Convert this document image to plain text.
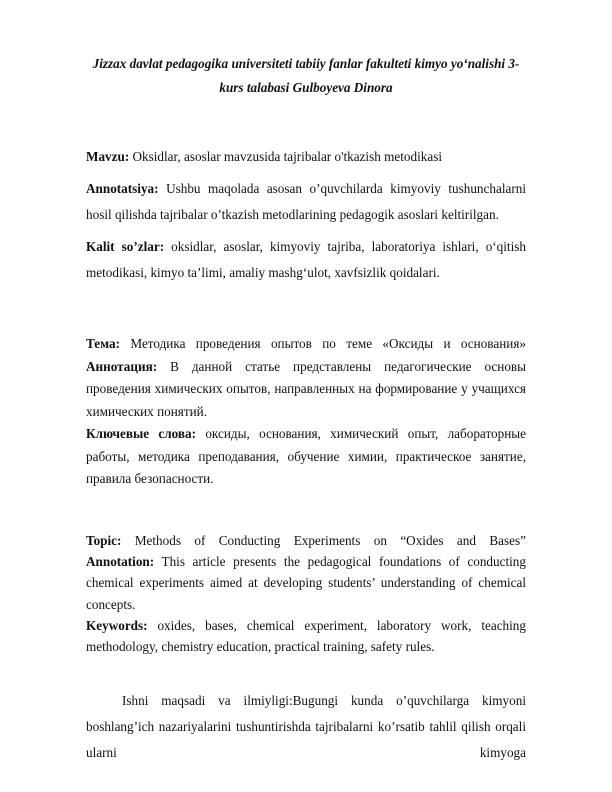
Jizzax davlat pedagogika universiteti tabiiy fanlar fakulteti kimyo yo‘nalishi 3-
kurs talabasi Gulboyeva Dinora

Mavzu: Oksidlar, asoslar mavzusida tajribalar o'tkazish metodikasi

Annotatsiya: Ushbu maqolada asosan o’quvchilarda kimyoviy tushunchalarni hosil qilishda tajribalar o’tkazish metodlarining pedagogik asoslari keltirilgan.

Kalit so’zlar: oksidlar, asoslar, kimyoviy tajriba, laboratoriya ishlari, o‘qitish metodikasi, kimyo ta’limi, amaliy mashg‘ulot, xavfsizlik qoidalari.

Тема: Методика проведения опытов по теме «Оксиды и основания»

Аннотация: В данной статье представлены педагогические основы проведения химических опытов, направленных на формирование у учащихся химических понятий.

Ключевые слова: оксиды, основания, химический опыт, лабораторные работы, методика преподавания, обучение химии, практическое занятие, правила безопасности.

Topic: Methods of Conducting Experiments on “Oxides and Bases”

Annotation: This article presents the pedagogical foundations of conducting chemical experiments aimed at developing students’ understanding of chemical concepts.

Keywords: oxides, bases, chemical experiment, laboratory work, teaching methodology, chemistry education, practical training, safety rules.

Ishni maqsadi va ilmiyligi:Bugungi kunda o’quvchilarga kimyoni boshlang’ich nazariyalarini tushuntirishda tajribalarni ko’rsatib tahlil qilish orqali ularni kimyoga
